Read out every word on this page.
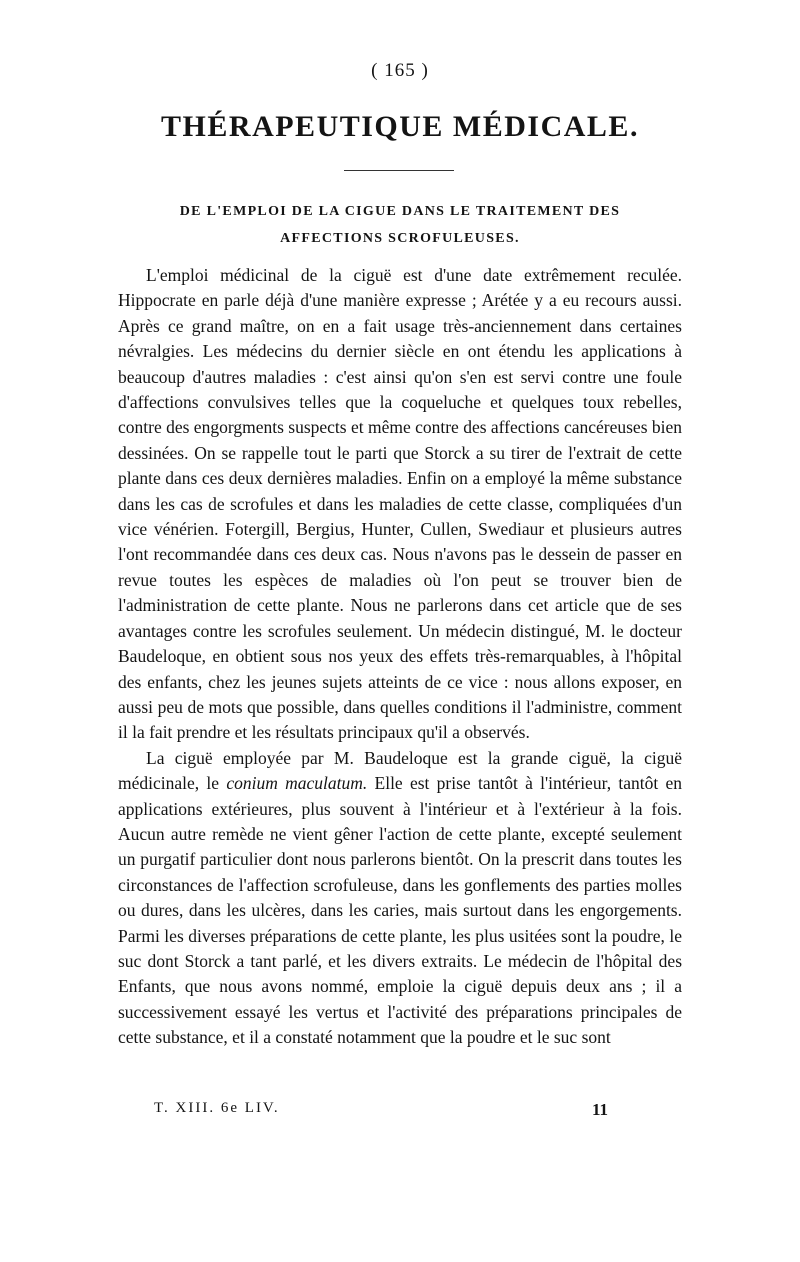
( 165 )
THÉRAPEUTIQUE MÉDICALE.
DE L'EMPLOI DE LA CIGUE DANS LE TRAITEMENT DES
AFFECTIONS SCROFULEUSES.

L'emploi médicinal de la ciguë est d'une date extrêmement reculée. Hippocrate en parle déjà d'une manière expresse ; Arétée y a eu recours aussi. Après ce grand maître, on en a fait usage très-anciennement dans certaines névralgies. Les médecins du dernier siècle en ont étendu les applications à beaucoup d'autres maladies : c'est ainsi qu'on s'en est servi contre une foule d'affections convulsives telles que la coqueluche et quelques toux rebelles, contre des engorgments suspects et même contre des affections cancéreuses bien dessinées. On se rappelle tout le parti que Storck a su tirer de l'extrait de cette plante dans ces deux dernières maladies. Enfin on a employé la même substance dans les cas de scrofules et dans les maladies de cette classe, compliquées d'un vice vénérien. Fotergill, Bergius, Hunter, Cullen, Swediaur et plusieurs autres l'ont recommandée dans ces deux cas. Nous n'avons pas le dessein de passer en revue toutes les espèces de maladies où l'on peut se trouver bien de l'administration de cette plante. Nous ne parlerons dans cet article que de ses avantages contre les scrofules seulement. Un médecin distingué, M. le docteur Baudeloque, en obtient sous nos yeux des effets très-remarquables, à l'hôpital des enfants, chez les jeunes sujets atteints de ce vice : nous allons exposer, en aussi peu de mots que possible, dans quelles conditions il l'administre, comment il la fait prendre et les résultats principaux qu'il a observés.

La ciguë employée par M. Baudeloque est la grande ciguë, la ciguë médicinale, le conium maculatum. Elle est prise tantôt à l'intérieur, tantôt en applications extérieures, plus souvent à l'intérieur et à l'extérieur à la fois. Aucun autre remède ne vient gêner l'action de cette plante, excepté seulement un purgatif particulier dont nous parlerons bientôt. On la prescrit dans toutes les circonstances de l'affection scrofuleuse, dans les gonflements des parties molles ou dures, dans les ulcères, dans les caries, mais surtout dans les engorgements. Parmi les diverses préparations de cette plante, les plus usitées sont la poudre, le suc dont Storck a tant parlé, et les divers extraits. Le médecin de l'hôpital des Enfants, que nous avons nommé, emploie la ciguë depuis deux ans ; il a successivement essayé les vertus et l'activité des préparations principales de cette substance, et il a constaté notamment que la poudre et le suc sont

T. XIII. 6e LIV.	11
